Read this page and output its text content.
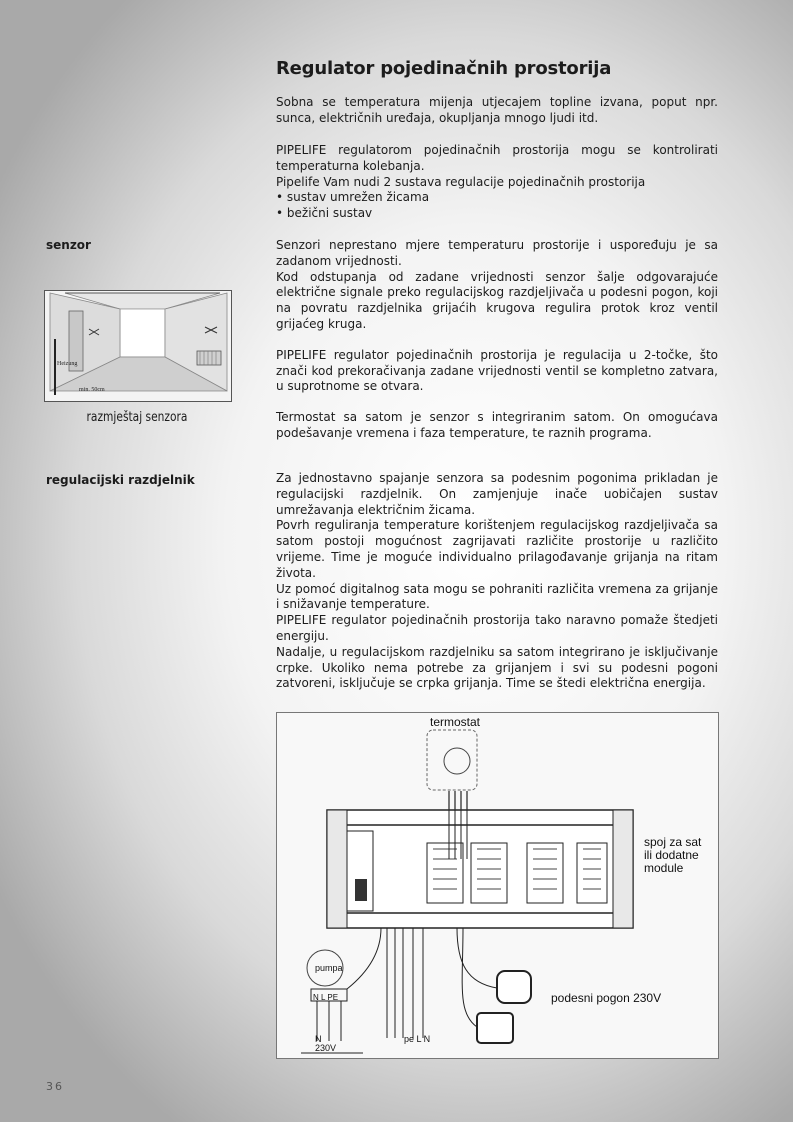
Regulator pojedinačnih prostorija

Sobna se temperatura mijenja utjecajem topline izvana, poput npr. sunca, električnih uređaja, okupljanja mnogo ljudi itd.

PIPELIFE regulatorom pojedinačnih prostorija mogu se kontrolirati temperaturna kolebanja.
Pipelife Vam nudi 2 sustava regulacije pojedinačnih prostorija
• sustav umrežen žicama
• bežični sustav
senzor	Senzori neprestano mjere temperaturu prostorije i uspoređuju je sa zadanom vrijednosti.
Kod odstupanja od zadane vrijednosti senzor šalje odgovarajuće električne signale preko regulacijskog razdjeljivača u podesni pogon, koji na povratu razdjelnika grijaćih krugova regulira protok kroz ventil grijaćeg kruga.
PIPELIFE regulator pojedinačnih prostorija je regulacija u 2-točke, što znači kod prekoračivanja zadane vrijednosti ventil se kompletno zatvara, u suprotnome se otvara.
Heizung
min. 50cm
razmještaj senzora	Termostat sa satom je senzor s integriranim satom. On omogućava podešavanje vremena i faza temperature, te raznih programa.

regulacijski razdjelnik	Za jednostavno spajanje senzora sa podesnim pogonima prikladan je regulacijski razdjelnik. On zamjenjuje inače uobičajen sustav umrežavanja električnim žicama.
Povrh reguliranja temperature korištenjem regulacijskog razdjeljivača sa satom postoji mogućnost zagrijavati različite prostorije u različito vrijeme. Time je moguće individualno prilagođavanje grijanja na ritam života.
Uz pomoć digitalnog sata mogu se pohraniti različita vremena za grijanje i snižavanje temperature.
PIPELIFE regulator pojedinačnih prostorija tako naravno pomaže štedjeti energiju.
Nadalje, u regulacijskom razdjelniku sa satom integrirano je isključivanje crpke. Ukoliko nema potrebe za grijanjem i svi su podesni pogoni zatvoreni, isključuje se crpka grijanja. Time se štedi električna energija.
termostat
spoj za sat
ili dodatne
module
podesni pogon 230V
pumpa
N L PE
N
230V
pe L N
36
